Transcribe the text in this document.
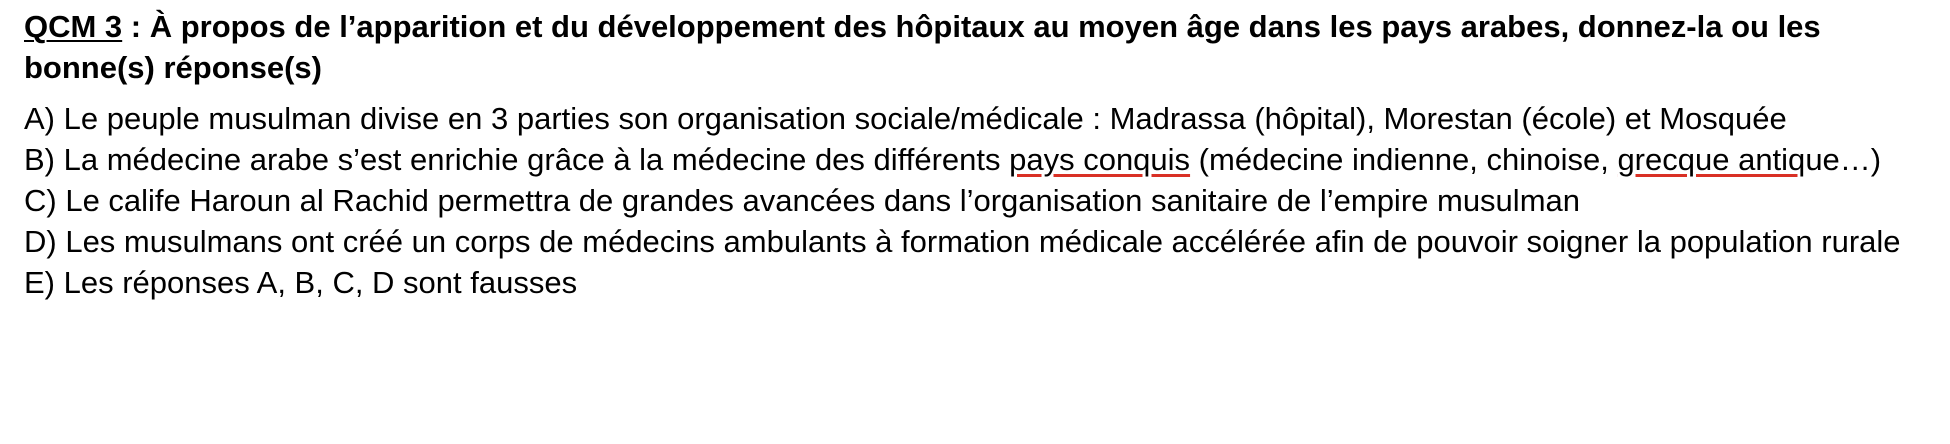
QCM 3 : À propos de l’apparition et du développement des hôpitaux au moyen âge dans les pays arabes, donnez-la ou les bonne(s) réponse(s)

A) Le peuple musulman divise en 3 parties son organisation sociale/médicale : Madrassa (hôpital), Morestan (école) et Mosquée

B) La médecine arabe s’est enrichie grâce à la médecine des différents pays conquis (médecine indienne, chinoise, grecque antique…)

C) Le calife Haroun al Rachid permettra de grandes avancées dans l’organisation sanitaire de l’empire musulman

D) Les musulmans ont créé un corps de médecins ambulants à formation médicale accélérée afin de pouvoir soigner la population rurale

E) Les réponses A, B, C, D sont fausses
